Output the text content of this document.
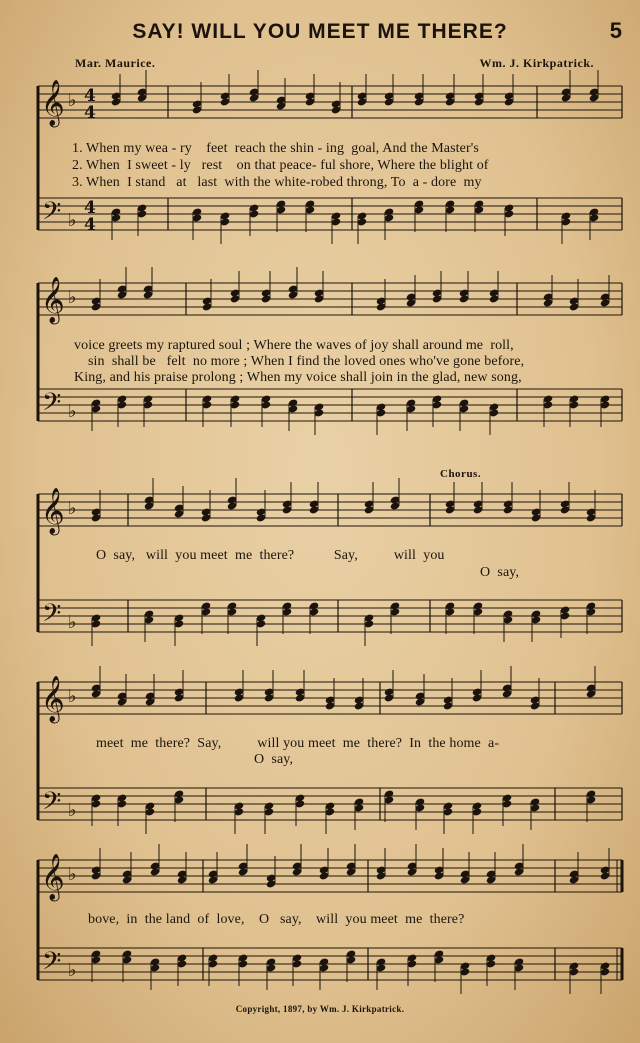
SAY! WILL YOU MEET ME THERE?	5
Mar. Maurice.	Wm. J. Kirkpatrick.
𝄞 ♭ 4
4
𝄢 ♭
4
4
𝄞 ♭
𝄢 ♭
𝄞 ♭
𝄢 ♭
𝄞 ♭
𝄢 ♭
𝄞 ♭
𝄢 ♭
1. When my wea - ry    feet  reach the shin - ing  goal, And the Master's
2. When  I sweet - ly   rest    on that peace- ful shore, Where the blight of
3. When  I stand   at   last  with the white-robed throng, To  a - dore  my
voice greets my raptured soul ; Where the waves of joy shall around me  roll,
sin  shall be   felt  no more ; When I find the loved ones who've gone before,
King, and his praise prolong ; When my voice shall join in the glad, new song,
Chorus.
O  say,   will  you meet  me  there?           Say,          will  you
O  say,
meet  me  there?  Say,          will you meet  me  there?  In  the home  a-
O  say,
bove,  in  the land  of  love,    O   say,    will  you meet  me  there?
Copyright, 1897, by Wm. J. Kirkpatrick.
